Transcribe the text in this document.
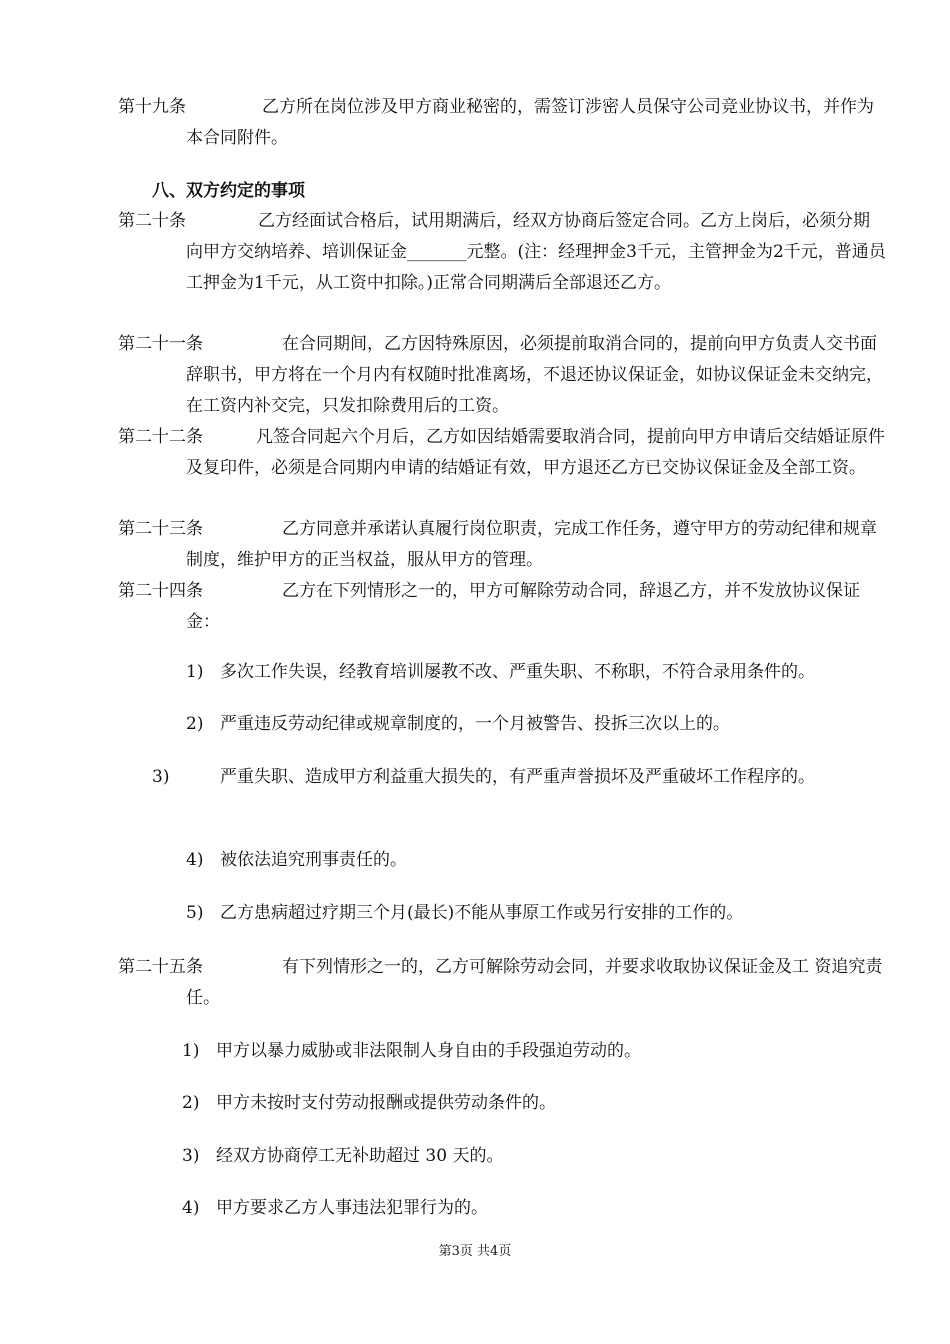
第十九条	乙方所在岗位涉及甲方商业秘密的，需签订涉密人员保守公司竞业协议书，并作为本合同附件。
八、双方约定的事项
第二十条	乙方经面试合格后，试用期满后，经双方协商后签定合同。乙方上岗后，必须分期向甲方交纳培养、培训保证金_______元整。(注：经理押金3千元，主管押金为2千元，普通员工押金为1千元，从工资中扣除。)正常合同期满后全部退还乙方。
第二十一条	在合同期间，乙方因特殊原因，必须提前取消合同的，提前向甲方负责人交书面辞职书，甲方将在一个月内有权随时批准离场，不退还协议保证金，如协议保证金未交纳完，在工资内补交完，只发扣除费用后的工资。
第二十二条	凡签合同起六个月后，乙方如因结婚需要取消合同，提前向甲方申请后交结婚证原件及复印件，必须是合同期内申请的结婚证有效，甲方退还乙方已交协议保证金及全部工资。
第二十三条	乙方同意并承诺认真履行岗位职责，完成工作任务，遵守甲方的劳动纪律和规章制度，维护甲方的正当权益，服从甲方的管理。
第二十四条	乙方在下列情形之一的，甲方可解除劳动合同，辞退乙方，并不发放协议保证金：
1) 多次工作失误，经教育培训屡教不改、严重失职、不称职，不符合录用条件的。
2) 严重违反劳动纪律或规章制度的，一个月被警告、投拆三次以上的。
3)	严重失职、造成甲方利益重大损失的，有严重声誉损坏及严重破坏工作程序的。
4) 被依法追究刑事责任的。
5) 乙方患病超过疗期三个月(最长)不能从事原工作或另行安排的工作的。
第二十五条	有下列情形之一的，乙方可解除劳动会同，并要求收取协议保证金及工 资追究责任。
1) 甲方以暴力威胁或非法限制人身自由的手段强迫劳动的。
2) 甲方未按时支付劳动报酬或提供劳动条件的。
3) 经双方协商停工无补助超过 30 天的。
4) 甲方要求乙方人事违法犯罪行为的。
第3页 共4页
